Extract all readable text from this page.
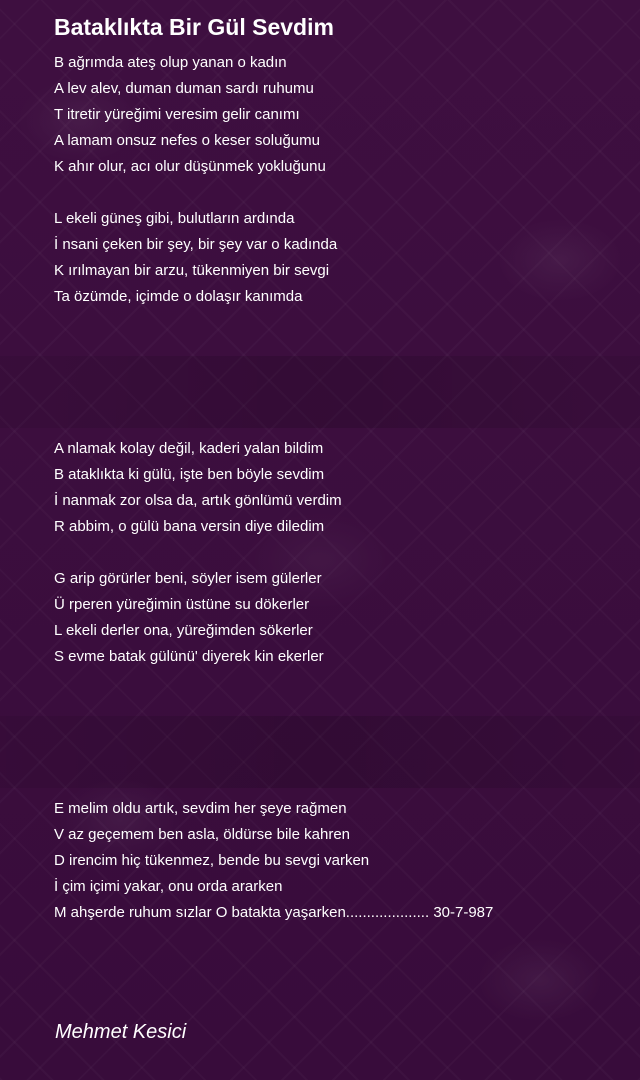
Bataklıkta Bir Gül Sevdim
B ağrımda ateş olup yanan o kadın
A lev alev, duman duman sardı ruhumu
T itretir yüreğimi veresim gelir canımı
A lamam onsuz nefes o keser soluğumu
K ahır olur, acı olur düşünmek yokluğunu
L ekeli güneş gibi, bulutların ardında
İ nsani çeken bir şey, bir şey var o kadında
K ırılmayan bir arzu, tükenmiyen bir sevgi
Ta özümde, içimde o dolaşır kanımda
A nlamak kolay değil, kaderi yalan bildim
B ataklıkta ki gülü, işte ben böyle sevdim
İ nanmak zor olsa da, artık gönlümü verdim
R abbim, o gülü bana versin diye diledim
G arip görürler beni, söyler isem gülerler
Ü rperen yüreğimin üstüne su dökerler
L ekeli derler ona, yüreğimden sökerler
S evme batak gülünü' diyerek kin ekerler
E melim oldu artık, sevdim her şeye rağmen
V az geçemem ben asla, öldürse bile kahren
D irencim hiç tükenmez, bende bu sevgi varken
İ çim içimi yakar, onu orda ararken
M ahşerde ruhum sızlar O batakta yaşarken.................... 30-7-987
Mehmet Kesici
